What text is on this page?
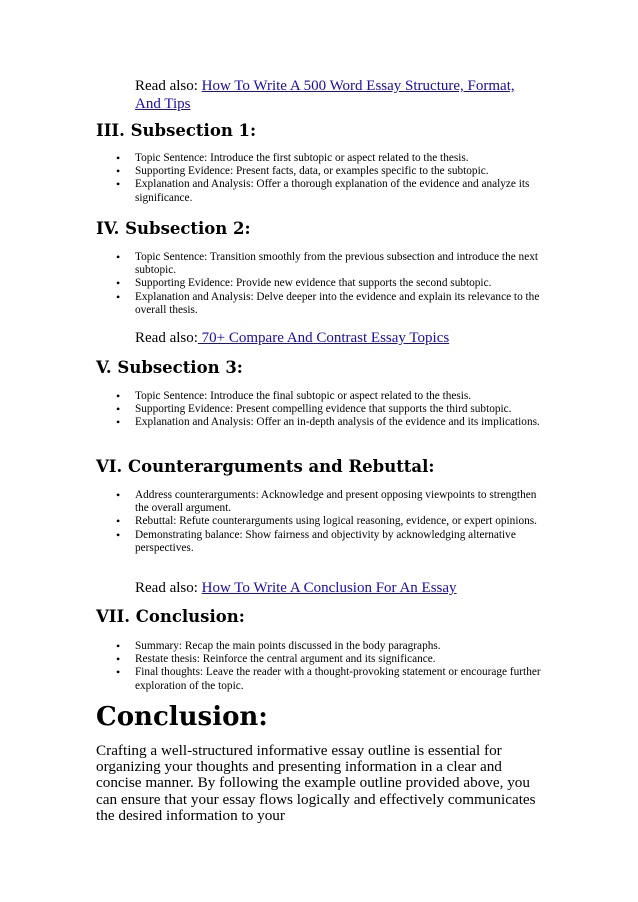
Read also: How To Write A 500 Word Essay Structure, Format,
And Tips
III. Subsection 1:
• Topic Sentence: Introduce the first subtopic or aspect related to the thesis.
• Supporting Evidence: Present facts, data, or examples specific to the subtopic.
• Explanation and Analysis: Offer a thorough explanation of the evidence and analyze its significance.
IV. Subsection 2:
• Topic Sentence: Transition smoothly from the previous subsection and introduce the next subtopic.
• Supporting Evidence: Provide new evidence that supports the second subtopic.
• Explanation and Analysis: Delve deeper into the evidence and explain its relevance to the overall thesis.
Read also: 70+ Compare And Contrast Essay Topics
V. Subsection 3:
• Topic Sentence: Introduce the final subtopic or aspect related to the thesis.
• Supporting Evidence: Present compelling evidence that supports the third subtopic.
• Explanation and Analysis: Offer an in-depth analysis of the evidence and its implications.
VI. Counterarguments and Rebuttal:
• Address counterarguments: Acknowledge and present opposing viewpoints to strengthen the overall argument.
• Rebuttal: Refute counterarguments using logical reasoning, evidence, or expert opinions.
• Demonstrating balance: Show fairness and objectivity by acknowledging alternative perspectives.
Read also: How To Write A Conclusion For An Essay
VII. Conclusion:
• Summary: Recap the main points discussed in the body paragraphs.
• Restate thesis: Reinforce the central argument and its significance.
• Final thoughts: Leave the reader with a thought-provoking statement or encourage further exploration of the topic.
Conclusion:

Crafting a well-structured informative essay outline is essential for organizing your thoughts and presenting information in a clear and concise manner. By following the example outline provided above, you can ensure that your essay flows logically and effectively communicates the desired information to your
